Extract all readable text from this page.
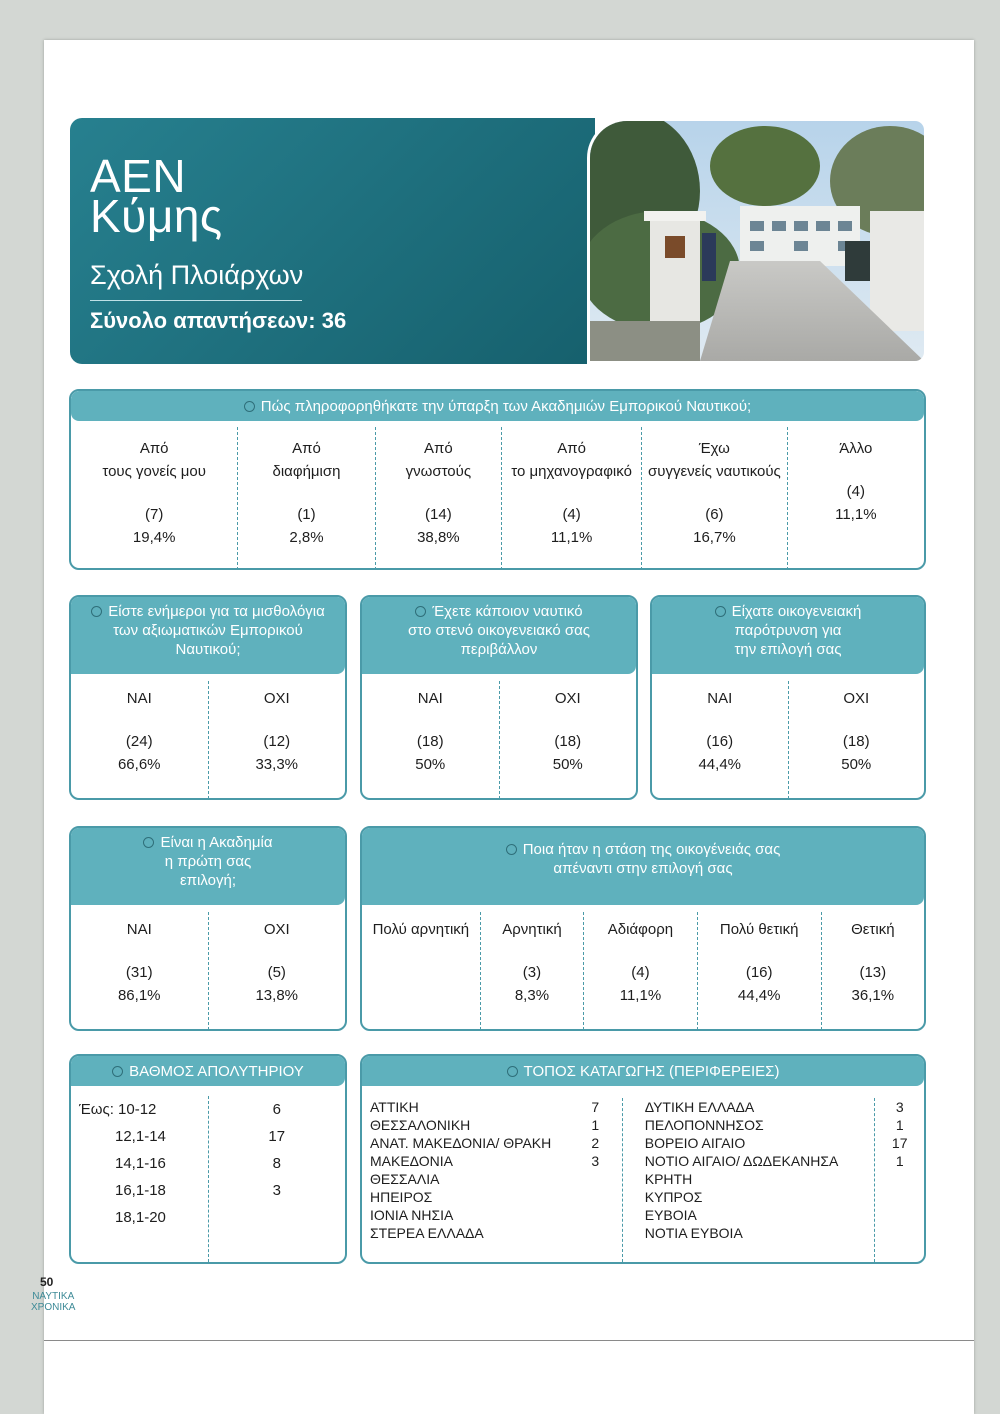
ΑΕΝ
Κύμης
Σχολή Πλοιάρχων
Σύνολο απαντήσεων: 36
Πώς πληροφορηθήκατε την ύπαρξη των Ακαδημιών Εμπορικού Ναυτικού;
Από
τους γονείς μου
(7)
19,4%
Από
διαφήμιση
(1)
2,8%
Από
γνωστούς
(14)
38,8%
Από
το μηχανογραφικό
(4)
11,1%
Έχω
συγγενείς ναυτικούς
(6)
16,7%
Άλλο
(4)
11,1%
Είστε ενήμεροι για τα μισθολόγια
των αξιωματικών Εμπορικού
Ναυτικού;
ΝΑΙ
(24)
66,6%
ΟΧΙ
(12)
33,3%
Έχετε κάποιον ναυτικό
στο στενό οικογενειακό σας
περιβάλλον
ΝΑΙ
(18)
50%
ΟΧΙ
(18)
50%
Είχατε οικογενειακή
παρότρυνση για
την επιλογή σας
ΝΑΙ
(16)
44,4%
ΟΧΙ
(18)
50%
Είναι η Ακαδημία
η πρώτη σας
επιλογή;
ΝΑΙ
(31)
86,1%
ΟΧΙ
(5)
13,8%
Ποια ήταν η στάση της οικογένειάς σας
απέναντι στην επιλογή σας
Πολύ αρνητική	Αρνητική
(3)
8,3%
Αδιάφορη
(4)
11,1%
Πολύ θετική
(16)
44,4%
Θετική
(13)
36,1%
ΒΑΘΜΟΣ ΑΠΟΛΥΤΗΡΙΟΥ
Έως: 10-12
12,1-14
14,1-16
16,1-18
18,1-20
6
17
8
3
ΤΟΠΟΣ ΚΑΤΑΓΩΓΗΣ (ΠΕΡΙΦΕΡΕΙΕΣ)
ΑΤΤΙΚΗ
ΘΕΣΣΑΛΟΝΙΚΗ
ΑΝΑΤ. ΜΑΚΕΔΟΝΙΑ/ ΘΡΑΚΗ
ΜΑΚΕΔΟΝΙΑ
ΘΕΣΣΑΛΙΑ
ΗΠΕΙΡΟΣ
ΙΟΝΙΑ ΝΗΣΙΑ
ΣΤΕΡΕΑ ΕΛΛΑΔΑ
7
1
2
3
ΔΥΤΙΚΗ ΕΛΛΑΔΑ
ΠΕΛΟΠΟΝΝΗΣΟΣ
ΒΟΡΕΙΟ ΑΙΓΑΙΟ
ΝΟΤΙΟ ΑΙΓΑΙΟ/ ΔΩΔΕΚΑΝΗΣΑ
ΚΡΗΤΗ
ΚΥΠΡΟΣ
ΕΥΒΟΙΑ
ΝΟΤΙΑ ΕΥΒΟΙΑ
3
1
17
1
50
ΝΑΥΤΙΚΑ
ΧΡΟΝΙΚΑ
